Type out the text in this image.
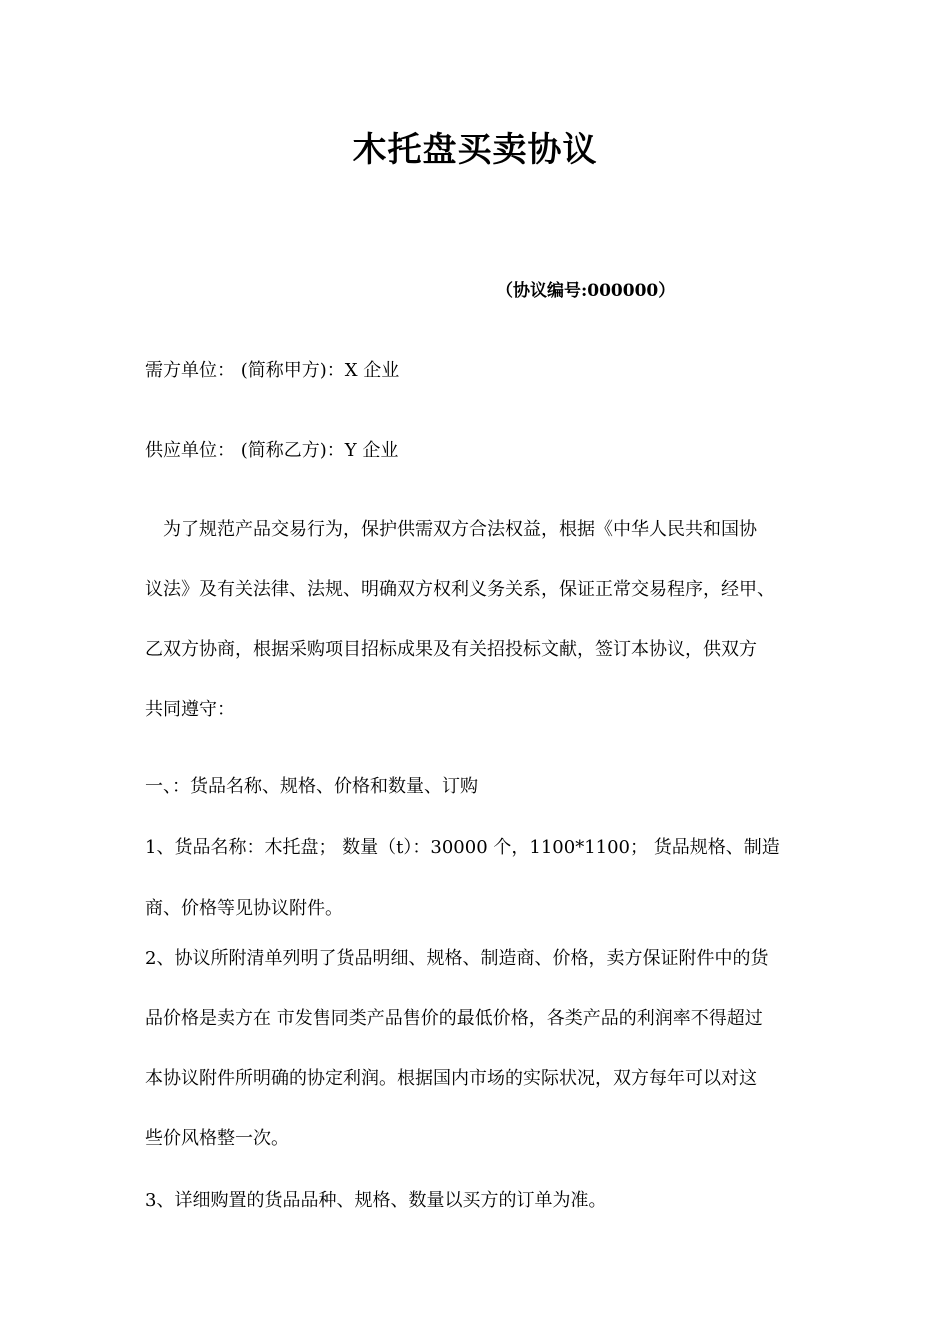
木托盘买卖协议
（协议编号:000000）
需方单位： (简称甲方)：X 企业
供应单位： (简称乙方)：Y 企业
为了规范产品交易行为，保护供需双方合法权益，根据《中华人民共和国协
议法》及有关法律、法规、明确双方权利义务关系，保证正常交易程序，经甲、
乙双方协商，根据采购项目招标成果及有关招投标文献，签订本协议，供双方
共同遵守：
一、：货品名称、规格、价格和数量、订购
1、货品名称：木托盘； 数量（t）：30000 个，1100*1100； 货品规格、制造
商、价格等见协议附件。
2、协议所附清单列明了货品明细、规格、制造商、价格，卖方保证附件中的货
品价格是卖方在 市发售同类产品售价的最低价格，各类产品的利润率不得超过
本协议附件所明确的协定利润。根据国内市场的实际状况，双方每年可以对这
些价风格整一次。
3、详细购置的货品品种、规格、数量以买方的订单为准。
